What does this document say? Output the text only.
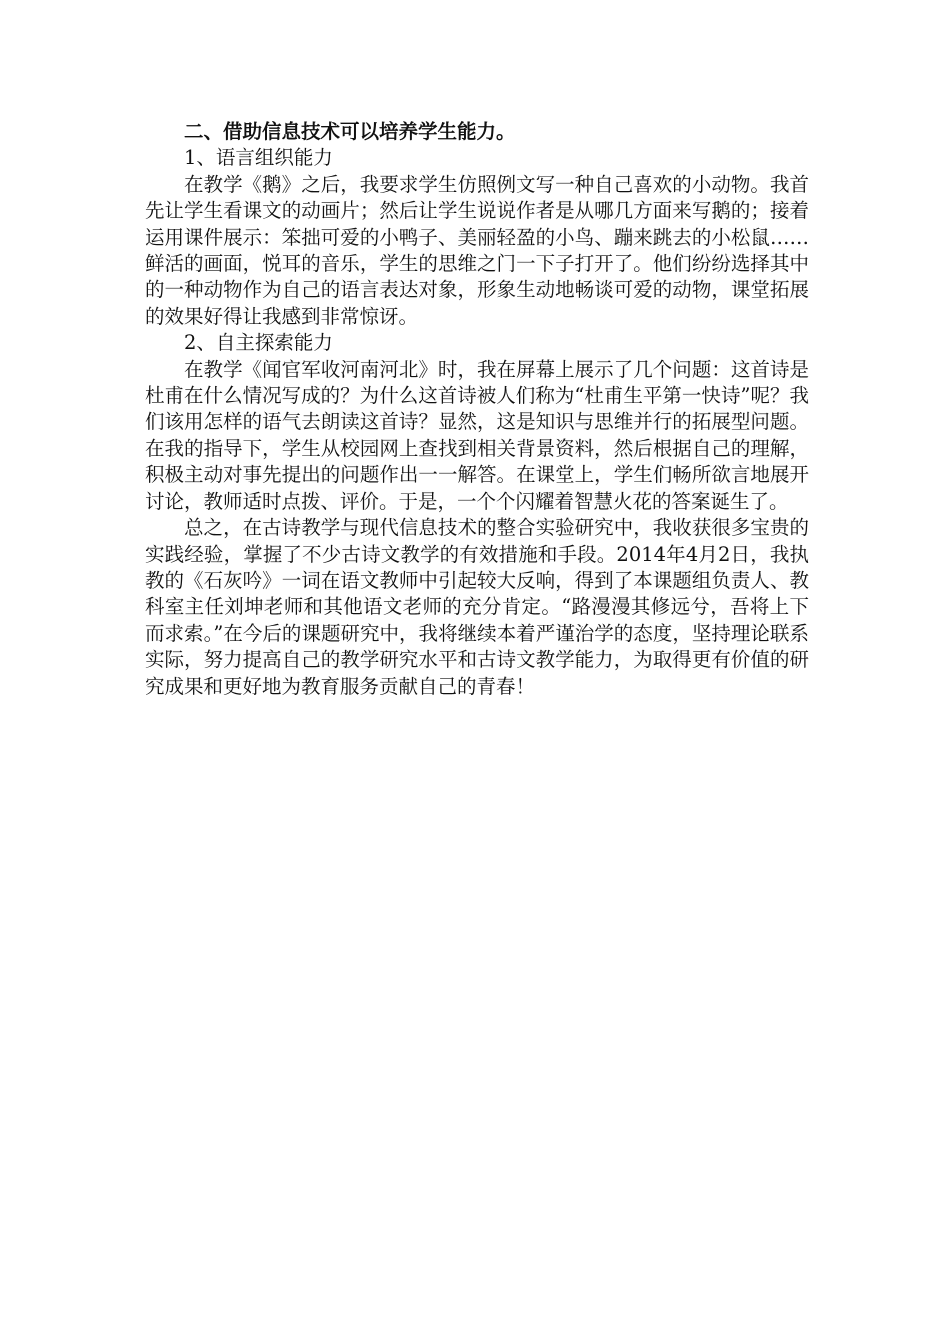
二、借助信息技术可以培养学生能力。

1、语言组织能力

在教学《鹅》之后，我要求学生仿照例文写一种自己喜欢的小动物。我首先让学生看课文的动画片；然后让学生说说作者是从哪几方面来写鹅的；接着运用课件展示：笨拙可爱的小鸭子、美丽轻盈的小鸟、蹦来跳去的小松鼠……鲜活的画面，悦耳的音乐，学生的思维之门一下子打开了。他们纷纷选择其中的一种动物作为自己的语言表达对象，形象生动地畅谈可爱的动物，课堂拓展的效果好得让我感到非常惊讶。

2、自主探索能力

在教学《闻官军收河南河北》时，我在屏幕上展示了几个问题：这首诗是杜甫在什么情况写成的？为什么这首诗被人们称为“杜甫生平第一快诗”呢？我们该用怎样的语气去朗读这首诗？显然，这是知识与思维并行的拓展型问题。在我的指导下，学生从校园网上查找到相关背景资料，然后根据自己的理解，积极主动对事先提出的问题作出一一解答。在课堂上，学生们畅所欲言地展开讨论，教师适时点拨、评价。于是，一个个闪耀着智慧火花的答案诞生了。

总之，在古诗教学与现代信息技术的整合实验研究中，我收获很多宝贵的实践经验，掌握了不少古诗文教学的有效措施和手段。2014年4月2日，我执教的《石灰吟》一词在语文教师中引起较大反响，得到了本课题组负责人、教科室主任刘坤老师和其他语文老师的充分肯定。“路漫漫其修远兮，吾将上下而求索。”在今后的课题研究中，我将继续本着严谨治学的态度，坚持理论联系实际，努力提高自己的教学研究水平和古诗文教学能力，为取得更有价值的研究成果和更好地为教育服务贡献自己的青春！
